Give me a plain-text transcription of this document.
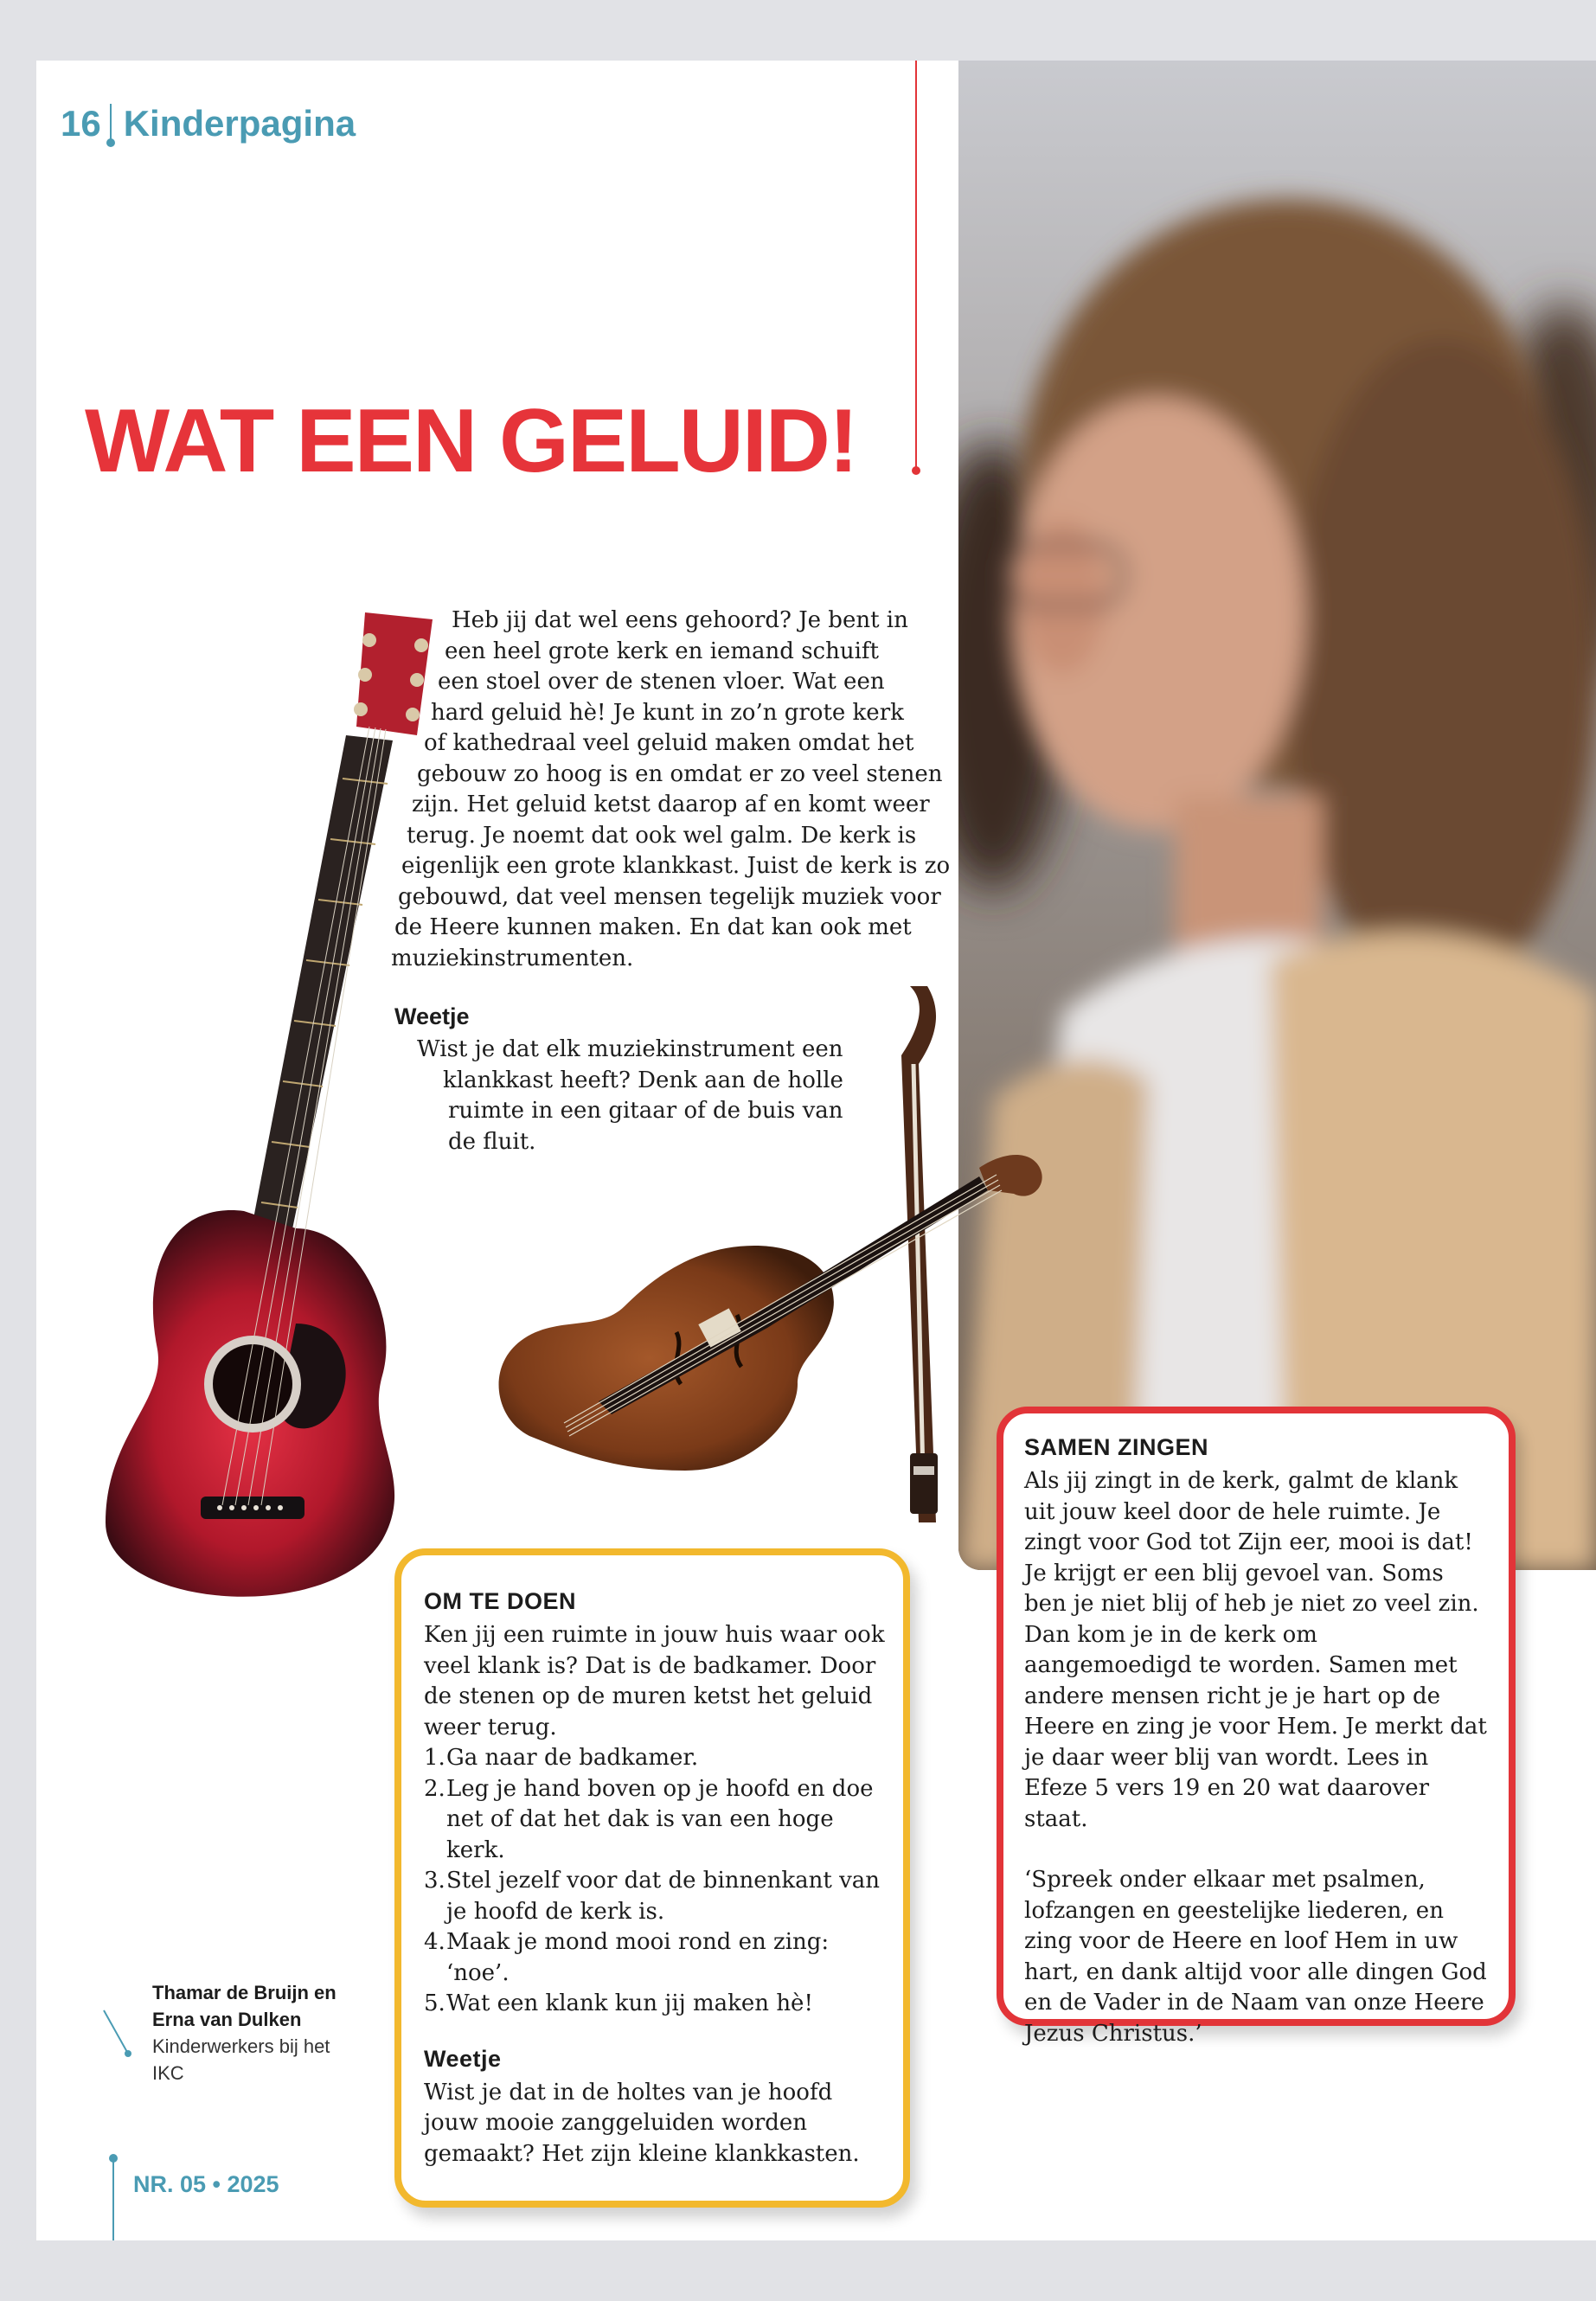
16 Kinderpagina
WAT EEN GELUID!
Heb jij dat wel eens gehoord? Je bent in
een heel grote kerk en iemand schuift
een stoel over de stenen vloer. Wat een
hard geluid hè! Je kunt in zo’n grote kerk
of kathedraal veel geluid maken omdat het
gebouw zo hoog is en omdat er zo veel stenen
zijn. Het geluid ketst daarop af en komt weer
terug. Je noemt dat ook wel galm. De kerk is
eigenlijk een grote klankkast. Juist de kerk is zo
gebouwd, dat veel mensen tegelijk muziek voor
de Heere kunnen maken. En dat kan ook met
muziekinstrumenten.
Weetje
Wist je dat elk muziekinstrument een
klankkast heeft? Denk aan de holle
ruimte in een gitaar of de buis van
de fluit.
OM TE DOEN

Ken jij een ruimte in jouw huis waar ook veel klank is? Dat is de badkamer. Door de stenen op de muren ketst het geluid weer terug.

1.Ga naar de badkamer.
2.Leg je hand boven op je hoofd en doe net of dat het dak is van een hoge kerk.
3.Stel jezelf voor dat de binnenkant van je hoofd de kerk is.
4.Maak je mond mooi rond en zing: ‘noe’.
5.Wat een klank kun jij maken hè!
Weetje

Wist je dat in de holtes van je hoofd jouw mooie zanggeluiden worden gemaakt? Het zijn kleine klankkasten.

SAMEN ZINGEN

Als jij zingt in de kerk, galmt de klank uit jouw keel door de hele ruimte. Je zingt voor God tot Zijn eer, mooi is dat! Je krijgt er een blij gevoel van. Soms ben je niet blij of heb je niet zo veel zin. Dan kom je in de kerk om aangemoedigd te worden. Samen met andere mensen richt je je hart op de Heere en zing je voor Hem. Je merkt dat je daar weer blij van wordt. Lees in Efeze 5 vers 19 en 20 wat daarover staat.

‘Spreek onder elkaar met psalmen, lofzangen en geestelijke liederen, en zing voor de Heere en loof Hem in uw hart, en dank altijd voor alle dingen God en de Vader in de Naam van onze Heere Jezus Christus.’

Thamar de Bruijn en Erna van Dulken
Kinderwerkers bij het IKC
NR. 05 • 2025
